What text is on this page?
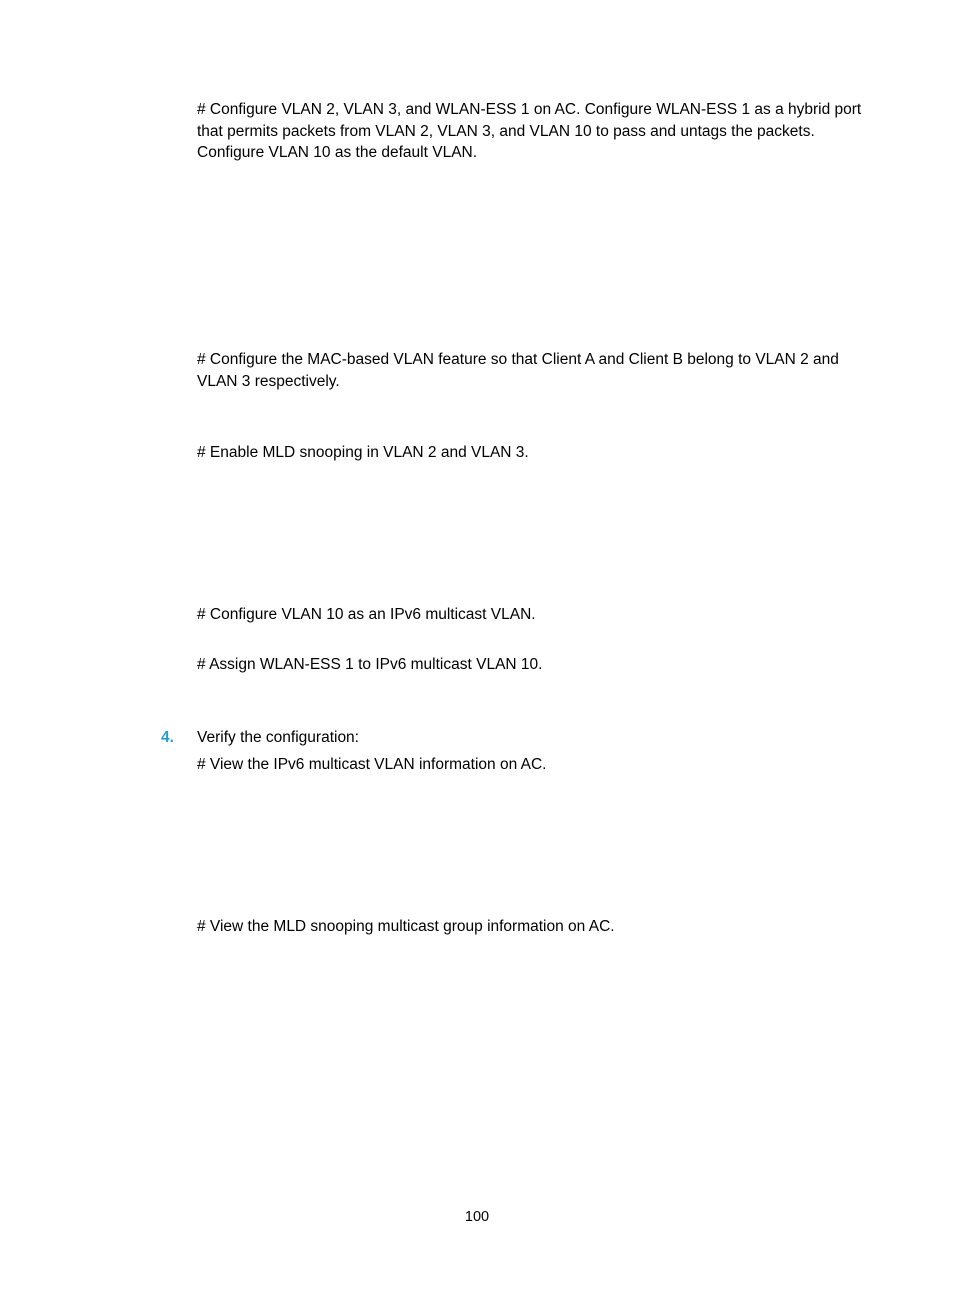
# Configure VLAN 2, VLAN 3, and WLAN-ESS 1 on AC. Configure WLAN-ESS 1 as a hybrid port that permits packets from VLAN 2, VLAN 3, and VLAN 10 to pass and untags the packets. Configure VLAN 10 as the default VLAN.

# Configure the MAC-based VLAN feature so that Client A and Client B belong to VLAN 2 and VLAN 3 respectively.

# Enable MLD snooping in VLAN 2 and VLAN 3.

# Configure VLAN 10 as an IPv6 multicast VLAN.

# Assign WLAN-ESS 1 to IPv6 multicast VLAN 10.

4. Verify the configuration:

# View the IPv6 multicast VLAN information on AC.

# View the MLD snooping multicast group information on AC.

100
